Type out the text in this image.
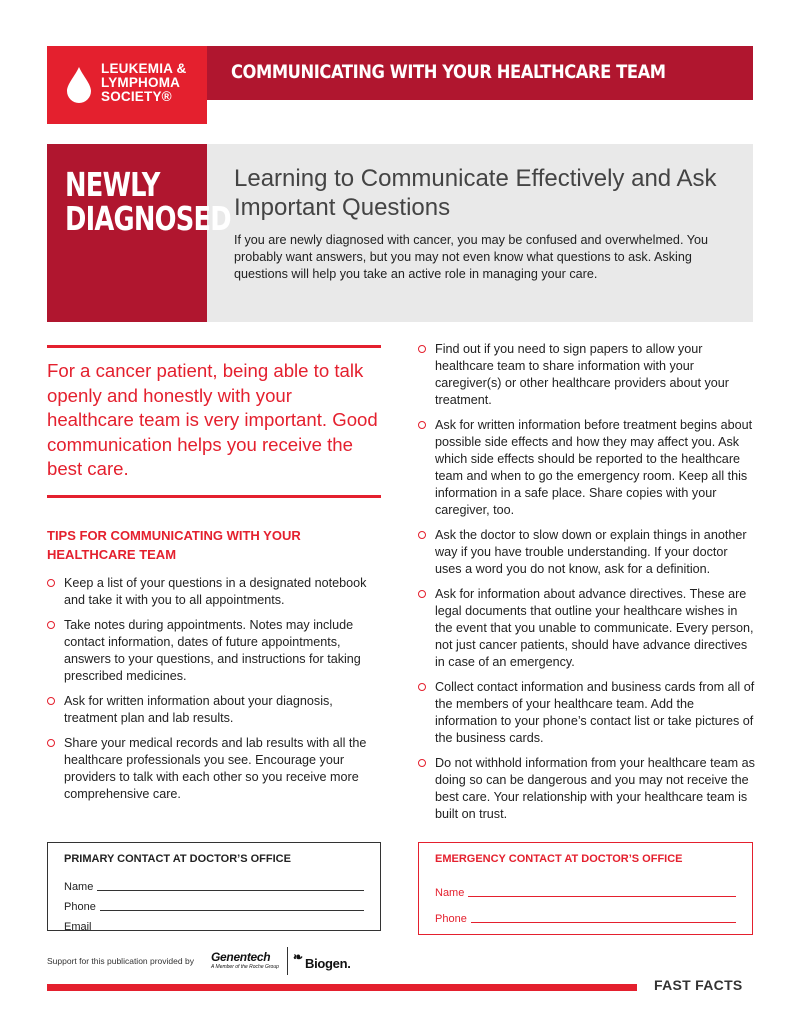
LEUKEMIA &
LYMPHOMA
SOCIETY®
COMMUNICATING WITH YOUR HEALTHCARE TEAM
NEWLY
DIAGNOSED
Learning to Communicate Effectively and Ask Important Questions

If you are newly diagnosed with cancer, you may be confused and overwhelmed. You probably want answers, but you may not even know what questions to ask. Asking questions will help you take an active role in managing your care.

For a cancer patient, being able to talk openly and honestly with your healthcare team is very important. Good communication helps you receive the best care.

TIPS FOR COMMUNICATING WITH YOUR HEALTHCARE TEAM
Keep a list of your questions in a designated notebook and take it with you to all appointments.
Take notes during appointments. Notes may include contact information, dates of future appointments, answers to your questions, and instructions for taking prescribed medicines.
Ask for written information about your diagnosis, treatment plan and lab results.
Share your medical records and lab results with all the healthcare professionals you see. Encourage your providers to talk with each other so you receive more comprehensive care.
Find out if you need to sign papers to allow your healthcare team to share information with your caregiver(s) or other healthcare providers about your treatment.
Ask for written information before treatment begins about possible side effects and how they may affect you. Ask which side effects should be reported to the healthcare team and when to go the emergency room. Keep all this information in a safe place. Share copies with your caregiver, too.
Ask the doctor to slow down or explain things in another way if you have trouble understanding. If your doctor uses a word you do not know, ask for a definition.
Ask for information about advance directives. These are legal documents that outline your healthcare wishes in the event that you unable to communicate. Every person, not just cancer patients, should have advance directives in case of an emergency.
Collect contact information and business cards from all of the members of your healthcare team. Add the information to your phone’s contact list or take pictures of the business cards.
Do not withhold information from your healthcare team as doing so can be dangerous and you may not receive the best care. Your relationship with your healthcare team is built on trust.
PRIMARY CONTACT AT DOCTOR’S OFFICE
Name
Phone
Email
EMERGENCY CONTACT AT DOCTOR’S OFFICE
Name
Phone
Support for this publication provided by Genentech
A Member of the Roche Group
❧ Biogen.
FAST FACTS
